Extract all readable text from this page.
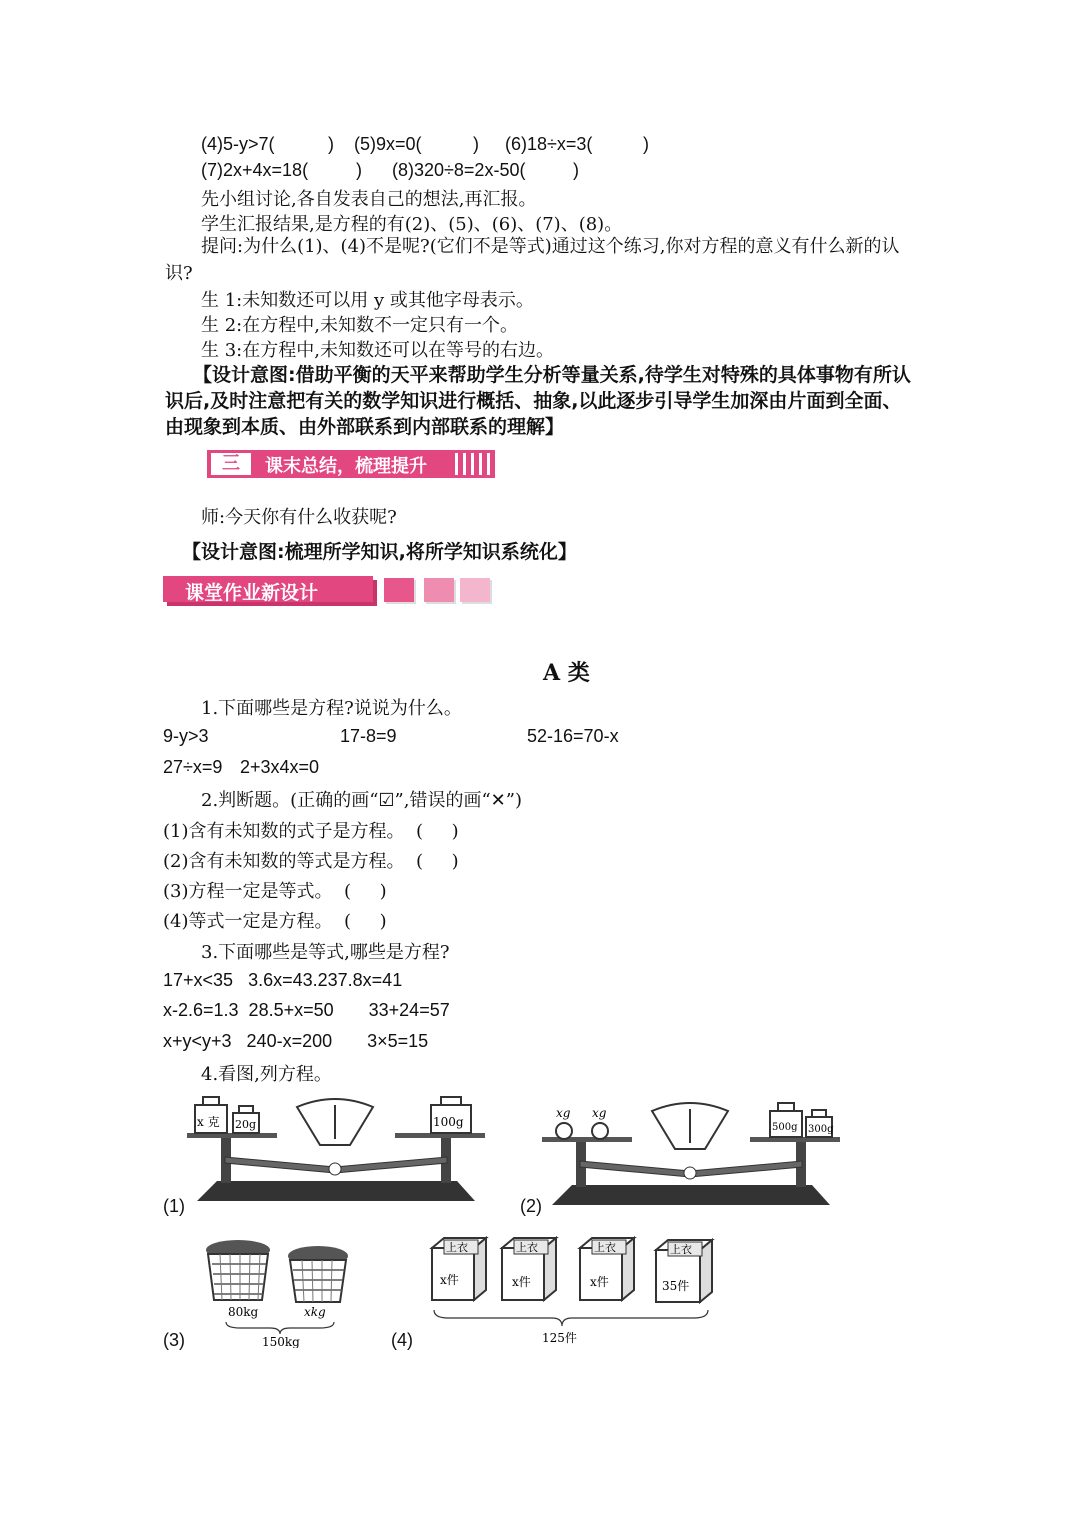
(4)5-y>7(	) (5)9x=0(	) (6)18÷x=3(	)
(7)2x+4x=18(	) (8)320÷8=2x-50(	)
先小组讨论,各自发表自己的想法,再汇报。
学生汇报结果,是方程的有(2)、(5)、(6)、(7)、(8)。
提问:为什么(1)、(4)不是呢?(它们不是等式)通过这个练习,你对方程的意义有什么新的认识?
生 1:未知数还可以用 y 或其他字母表示。
生 2:在方程中,未知数不一定只有一个。
生 3:在方程中,未知数还可以在等号的右边。
【设计意图:借助平衡的天平来帮助学生分析等量关系,待学生对特殊的具体事物有所认识后,及时注意把有关的数学知识进行概括、抽象,以此逐步引导学生加深由片面到全面、由现象到本质、由外部联系到内部联系的理解】
三	课末总结，梳理提升
师:今天你有什么收获呢?
【设计意图:梳理所学知识,将所学知识系统化】
课堂作业新设计
A 类
1.下面哪些是方程?说说为什么。
9-y>3	17-8=9	52-16=70-x
27÷x=9 2+3x4x=0
2.判断题。(正确的画“☑”,错误的画“✕”)
(1)含有未知数的式子是方程。  (     )
(2)含有未知数的等式是方程。  (     )
(3)方程一定是等式。  (     )
(4)等式一定是方程。  (     )
3.下面哪些是等式,哪些是方程?
17+x<35   3.6x=43.237.8x=41
x-2.6=1.3  28.5+x=50       33+24=57
x+y<y+3   240-x=200       3×5=15
4.看图,列方程。
(1)	(2)
(3)	(4)
x 克 20g	100g
xg xg
500g 300g
80kg	xkg
150kg
上衣
x件
上衣
x件
上衣
x件
上衣
35件
125件
